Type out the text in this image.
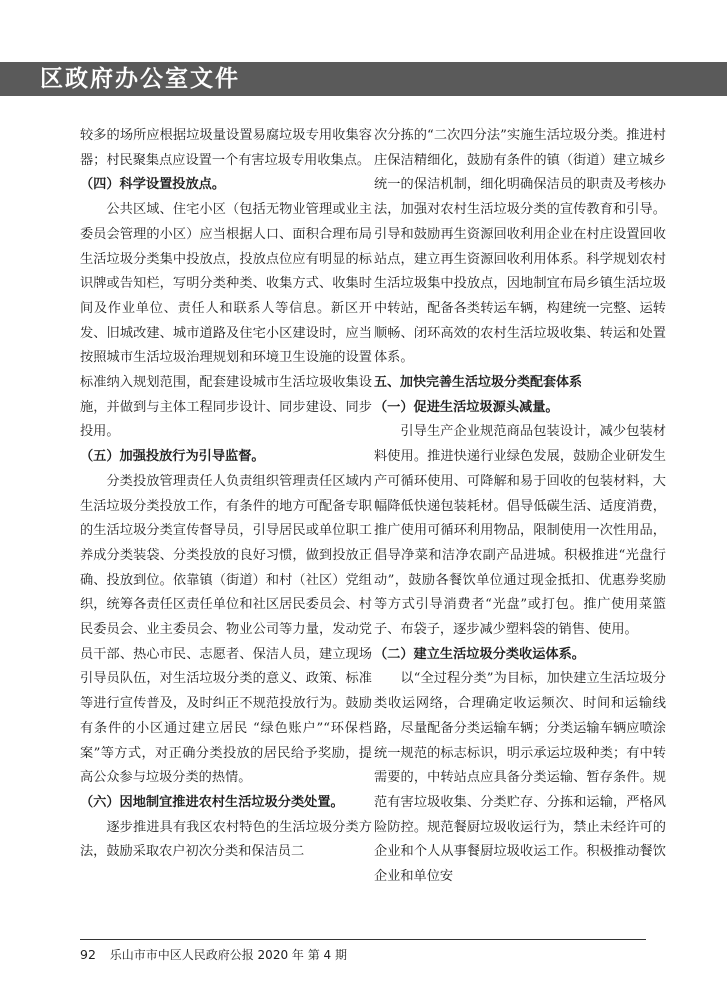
区政府办公室文件

较多的场所应根据垃圾量设置易腐垃圾专用收集容器；村民聚集点应设置一个有害垃圾专用收集点。

（四）科学设置投放点。

公共区域、住宅小区（包括无物业管理或业主委员会管理的小区）应当根据人口、面积合理布局生活垃圾分类集中投放点，投放点位应有明显的标识牌或告知栏，写明分类种类、收集方式、收集时间及作业单位、责任人和联系人等信息。新区开发、旧城改建、城市道路及住宅小区建设时，应当按照城市生活垃圾治理规划和环境卫生设施的设置标准纳入规划范围，配套建设城市生活垃圾收集设施，并做到与主体工程同步设计、同步建设、同步投用。

（五）加强投放行为引导监督。

分类投放管理责任人负责组织管理责任区域内生活垃圾分类投放工作，有条件的地方可配备专职的生活垃圾分类宣传督导员，引导居民或单位职工养成分类装袋、分类投放的良好习惯，做到投放正确、投放到位。依靠镇（街道）和村（社区）党组织，统筹各责任区责任单位和社区居民委员会、村民委员会、业主委员会、物业公司等力量，发动党员干部、热心市民、志愿者、保洁人员，建立现场引导员队伍，对生活垃圾分类的意义、政策、标准等进行宣传普及，及时纠正不规范投放行为。鼓励有条件的小区通过建立居民 “绿色账户”“环保档案”等方式，对正确分类投放的居民给予奖励，提高公众参与垃圾分类的热情。

（六）因地制宜推进农村生活垃圾分类处置。

逐步推进具有我区农村特色的生活垃圾分类方法，鼓励采取农户初次分类和保洁员二

次分拣的“二次四分法”实施生活垃圾分类。推进村庄保洁精细化，鼓励有条件的镇（街道）建立城乡统一的保洁机制，细化明确保洁员的职责及考核办法，加强对农村生活垃圾分类的宣传教育和引导。引导和鼓励再生资源回收利用企业在村庄设置回收站点，建立再生资源回收利用体系。科学规划农村生活垃圾集中投放点，因地制宜布局乡镇生活垃圾中转站，配备各类转运车辆，构建统一完整、运转顺畅、闭环高效的农村生活垃圾收集、转运和处置体系。

五、加快完善生活垃圾分类配套体系

（一）促进生活垃圾源头减量。

引导生产企业规范商品包装设计，减少包装材料使用。推进快递行业绿色发展，鼓励企业研发生产可循环使用、可降解和易于回收的包装材料，大幅降低快递包装耗材。倡导低碳生活、适度消费，推广使用可循环利用物品，限制使用一次性用品，倡导净菜和洁净农副产品进城。积极推进“光盘行动”，鼓励各餐饮单位通过现金抵扣、优惠券奖励等方式引导消费者“光盘”或打包。推广使用菜篮子、布袋子，逐步减少塑料袋的销售、使用。

（二）建立生活垃圾分类收运体系。

以“全过程分类”为目标，加快建立生活垃圾分类收运网络，合理确定收运频次、时间和运输线路，尽量配备分类运输车辆；分类运输车辆应喷涂统一规范的标志标识，明示承运垃圾种类；有中转需要的，中转站点应具备分类运输、暂存条件。规范有害垃圾收集、分类贮存、分拣和运输，严格风险防控。规范餐厨垃圾收运行为，禁止未经许可的企业和个人从事餐厨垃圾收运工作。积极推动餐饮企业和单位安

92 乐山市市中区人民政府公报 2020 年 第 4 期
